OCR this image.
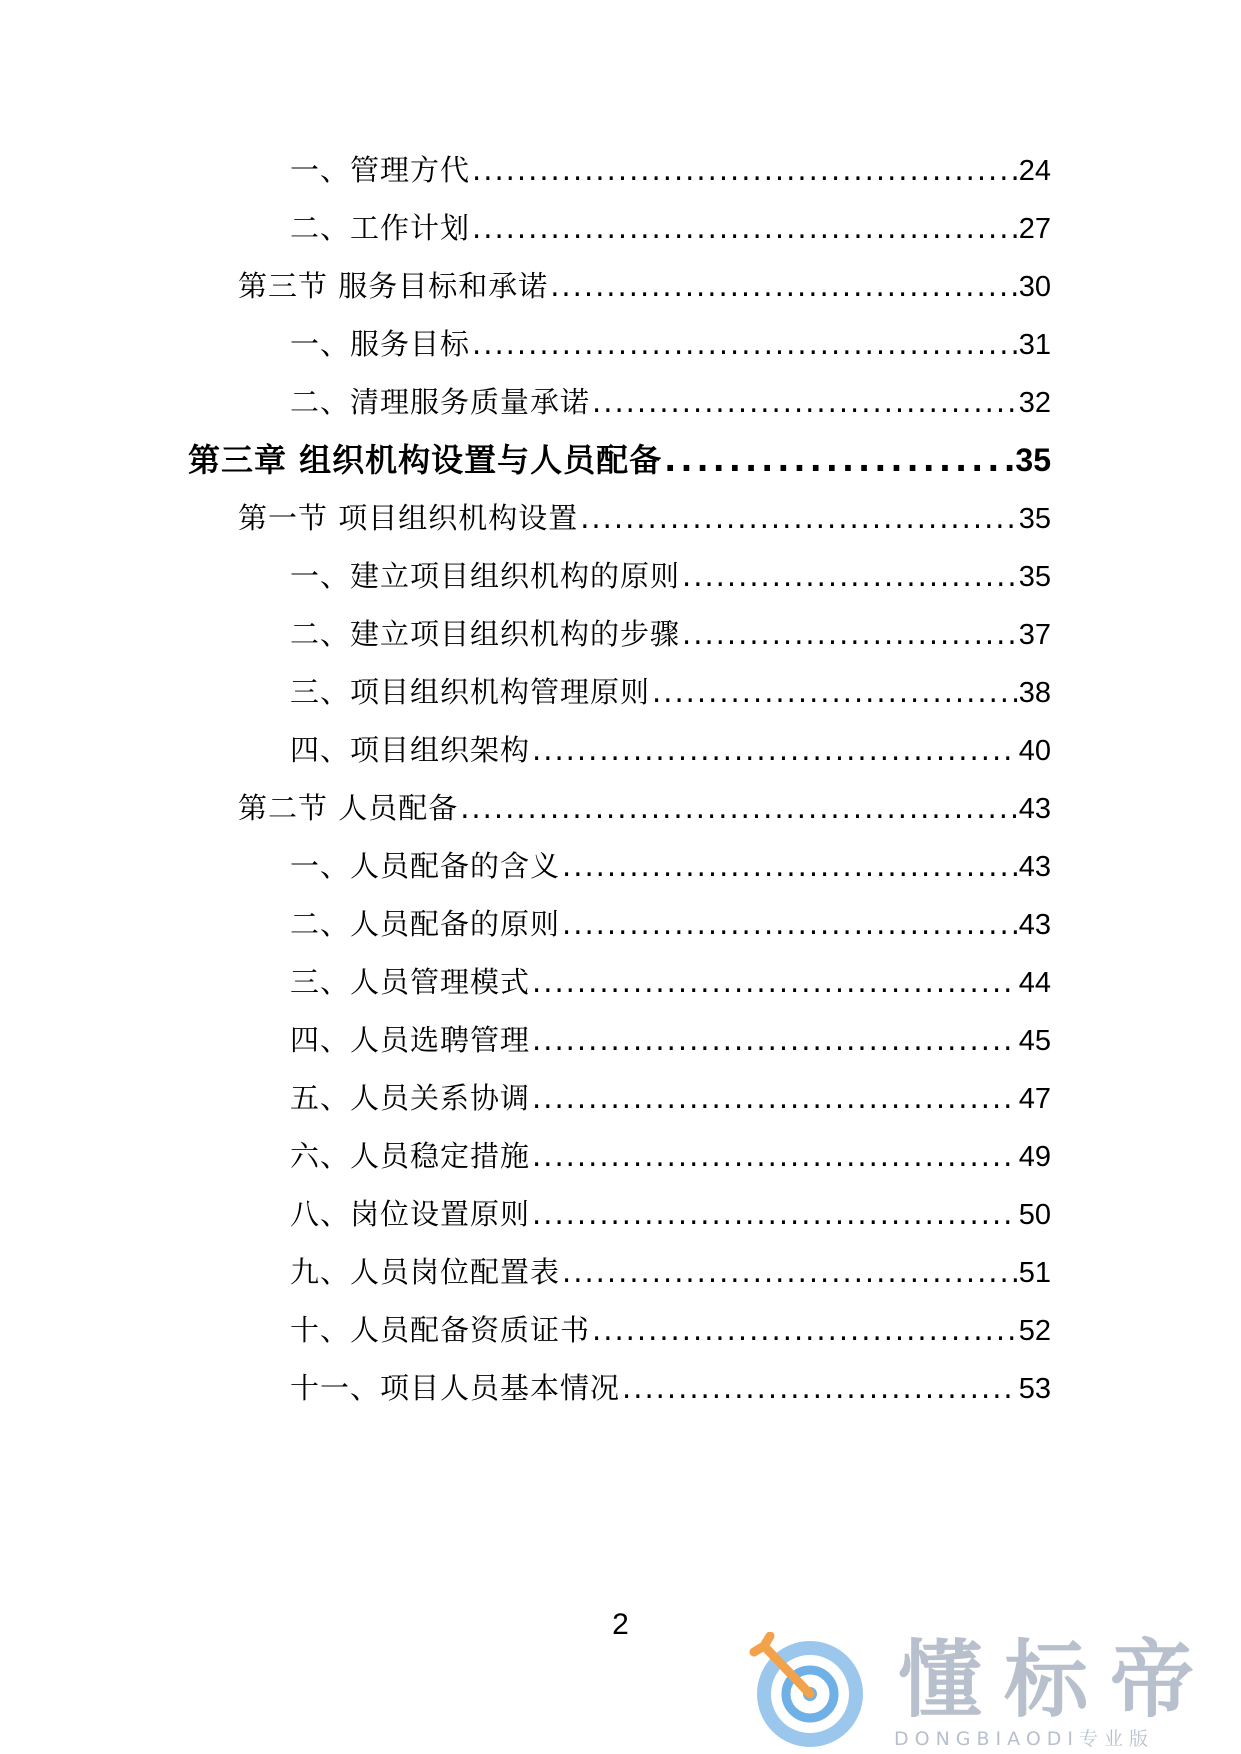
一、管理方代 .....	24
二、工作计划 .....	27
第三节 服务目标和承诺 .....	30
一、服务目标 .....	31
二、清理服务质量承诺 .....	32
第三章 组织机构设置与人员配备 .....	35
第一节 项目组织机构设置 .....	35
一、建立项目组织机构的原则 .....	35
二、建立项目组织机构的步骤 .....	37
三、项目组织机构管理原则 .....	38
四、项目组织架构 .....	40
第二节 人员配备 .....	43
一、人员配备的含义 .....	43
二、人员配备的原则 .....	43
三、人员管理模式 .....	44
四、人员选聘管理 .....	45
五、人员关系协调 .....	47
六、人员稳定措施 .....	49
八、岗位设置原则 .....	50
九、人员岗位配置表 .....	51
十、人员配备资质证书 .....	52
十一、项目人员基本情况 .....	53
2
懂标帝
DONGBIAODI专业版
